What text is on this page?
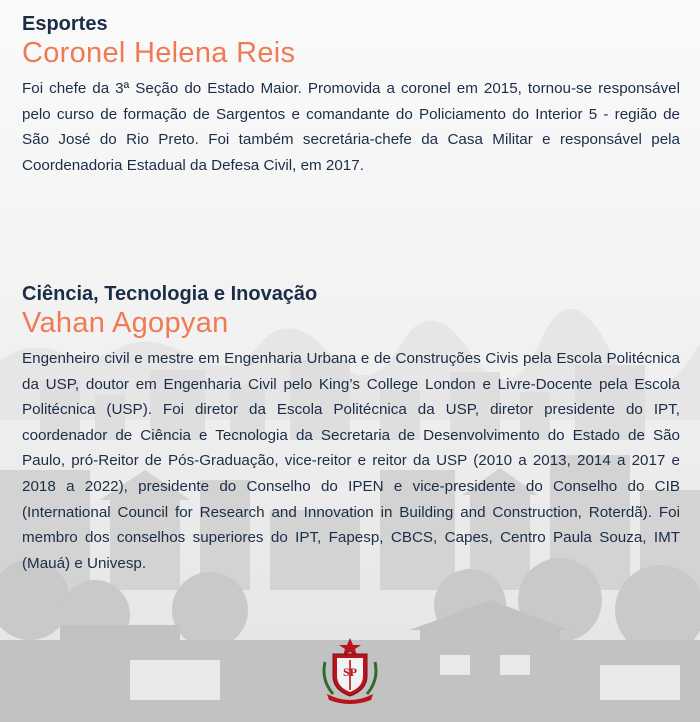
Esportes

Coronel Helena Reis

Foi chefe da 3ª Seção do Estado Maior. Promovida a coronel em 2015, tornou-se responsável pelo curso de formação de Sargentos e comandante do Policiamento do Interior 5 - região de São José do Rio Preto. Foi também secretária-chefe da Casa Militar e responsável pela Coordenadoria Estadual da Defesa Civil, em 2017.

Ciência, Tecnologia e Inovação

Vahan Agopyan

Engenheiro civil e mestre em Engenharia Urbana e de Construções Civis pela Escola Politécnica da USP, doutor em Engenharia Civil pelo King’s College London e Livre-Docente pela Escola Politécnica (USP). Foi diretor da Escola Politécnica da USP, diretor presidente do IPT, coordenador de Ciência e Tecnologia da Secretaria de Desenvolvimento do Estado de São Paulo, pró-Reitor de Pós-Graduação, vice-reitor e reitor da USP (2010 a 2013, 2014 a 2017 e 2018 a 2022), presidente do Conselho do IPEN e vice-presidente do Conselho do CIB (International Council for Research and Innovation in Building and Construction, Roterdã). Foi membro dos conselhos superiores do IPT, Fapesp, CBCS, Capes, Centro Paula Souza, IMT (Mauá) e Univesp.

SP
